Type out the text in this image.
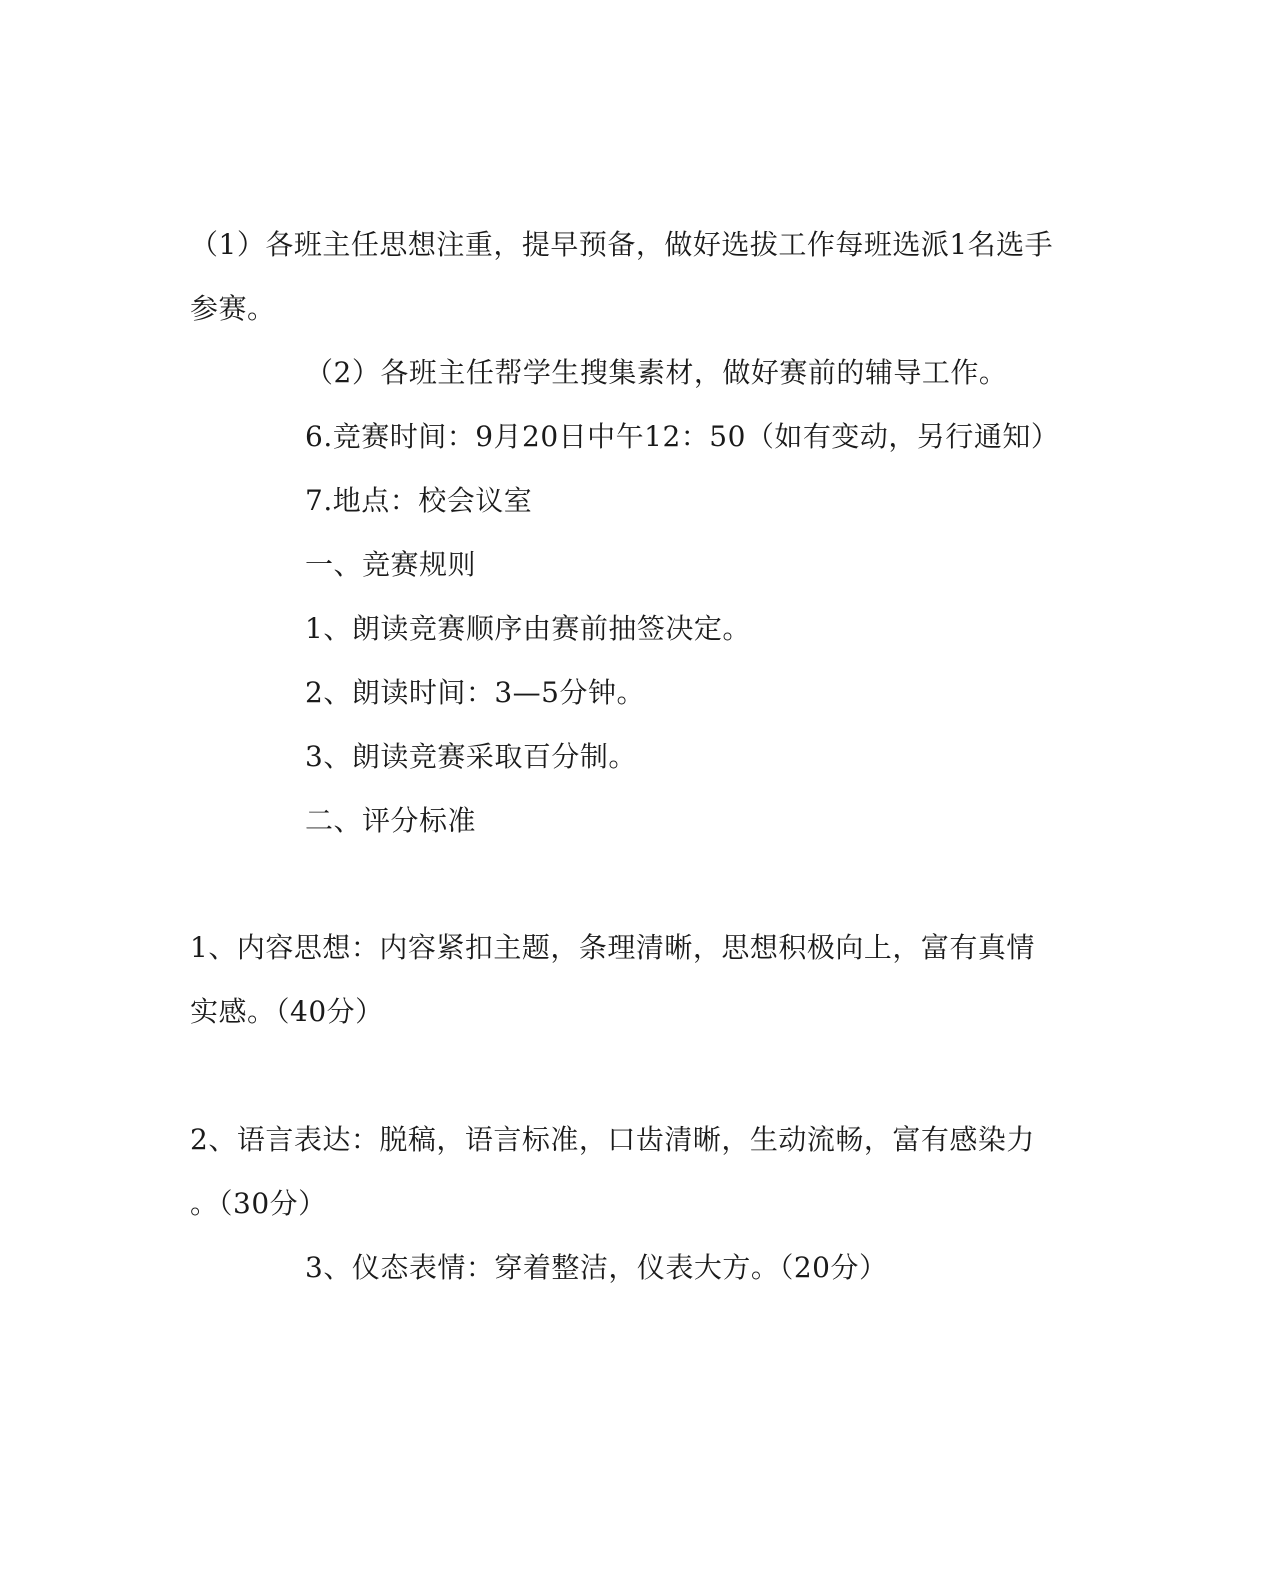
（1）各班主任思想注重，提早预备，做好选拔工作每班选派1名选手
参赛。
（2）各班主任帮学生搜集素材，做好赛前的辅导工作。
6.竞赛时间：9月20日中午12：50（如有变动，另行通知）
7.地点：校会议室
一、竞赛规则
1、朗读竞赛顺序由赛前抽签决定。
2、朗读时间：3—5分钟。
3、朗读竞赛采取百分制。
二、评分标准
1、内容思想：内容紧扣主题，条理清晰，思想积极向上，富有真情
实感。（40分）
2、语言表达：脱稿，语言标准，口齿清晰，生动流畅，富有感染力
。（30分）
3、仪态表情：穿着整洁，仪表大方。（20分）
